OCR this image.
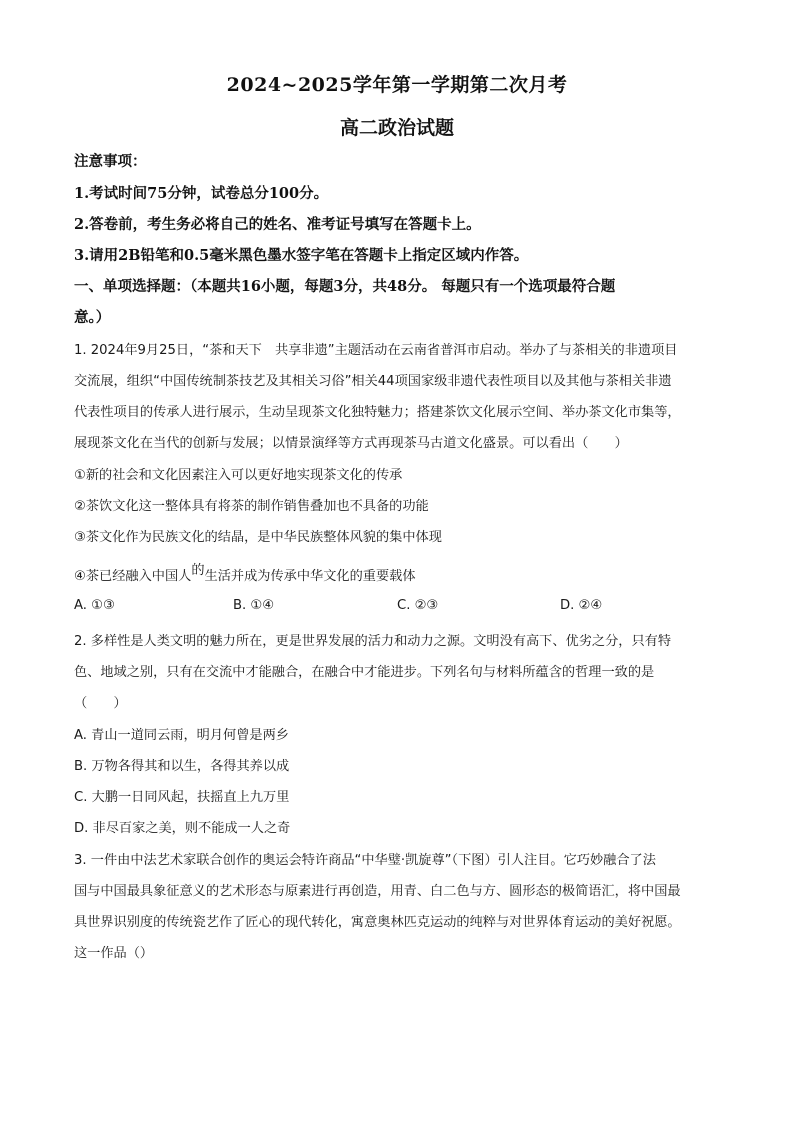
2024~2025学年第一学期第二次月考
高二政治试题
注意事项：
1.考试时间75分钟，试卷总分100分。
2.答卷前，考生务必将自己的姓名、准考证号填写在答题卡上。
3.请用2B铅笔和0.5毫米黑色墨水签字笔在答题卡上指定区域内作答。
一、单项选择题：（本题共16小题，每题3分，共48分。 每题只有一个选项最符合题
意。）
1. 2024年9月25日，“茶和天下　共享非遗”主题活动在云南省普洱市启动。举办了与茶相关的非遗项目
交流展，组织“中国传统制茶技艺及其相关习俗”相关44项国家级非遗代表性项目以及其他与茶相关非遗
代表性项目的传承人进行展示，生动呈现茶文化独特魅力；搭建茶饮文化展示空间、举办茶文化市集等，
展现茶文化在当代的创新与发展；以情景演绎等方式再现茶马古道文化盛景。可以看出（　　）
①新的社会和文化因素注入可以更好地实现茶文化的传承
②茶饮文化这一整体具有将茶的制作销售叠加也不具备的功能
③茶文化作为民族文化的结晶，是中华民族整体风貌的集中体现
④茶已经融入中国人的生活并成为传承中华文化的重要载体
A. ①③	B. ①④	C. ②③	D. ②④
2. 多样性是人类文明的魅力所在，更是世界发展的活力和动力之源。文明没有高下、优劣之分，只有特
色、地域之别，只有在交流中才能融合，在融合中才能进步。下列名句与材料所蕴含的哲理一致的是
（　　）
A. 青山一道同云雨，明月何曾是两乡
B. 万物各得其和以生，各得其养以成
C. 大鹏一日同风起，扶摇直上九万里
D. 非尽百家之美，则不能成一人之奇
3. 一件由中法艺术家联合创作的奥运会特许商品“中华璧·凯旋尊”（下图）引人注目。它巧妙融合了法
国与中国最具象征意义的艺术形态与原素进行再创造，用青、白二色与方、圆形态的极简语汇，将中国最
具世界识别度的传统瓷艺作了匠心的现代转化，寓意奥林匹克运动的纯粹与对世界体育运动的美好祝愿。
这一作品（）
